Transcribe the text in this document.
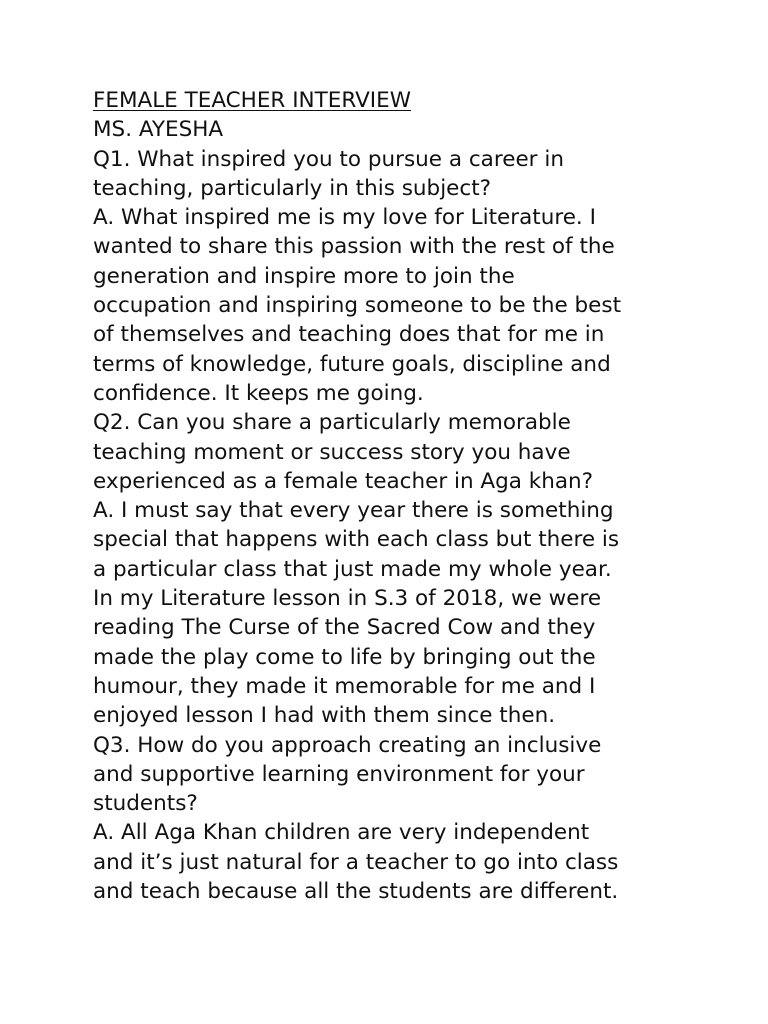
FEMALE TEACHER INTERVIEW

MS. AYESHA

Q1. What inspired you to pursue a career in

teaching, particularly in this subject?

A. What inspired me is my love for Literature. I

wanted to share this passion with the rest of the

generation and inspire more to join the

occupation and inspiring someone to be the best

of themselves and teaching does that for me in

terms of knowledge, future goals, discipline and

confidence. It keeps me going.

Q2. Can you share a particularly memorable

teaching moment or success story you have

experienced as a female teacher in Aga khan?

A. I must say that every year there is something

special that happens with each class but there is

a particular class that just made my whole year.

In my Literature lesson in S.3 of 2018, we were

reading The Curse of the Sacred Cow and they

made the play come to life by bringing out the

humour, they made it memorable for me and I

enjoyed lesson I had with them since then.

Q3. How do you approach creating an inclusive

and supportive learning environment for your

students?

A. All Aga Khan children are very independent

and it’s just natural for a teacher to go into class

and teach because all the students are different.
